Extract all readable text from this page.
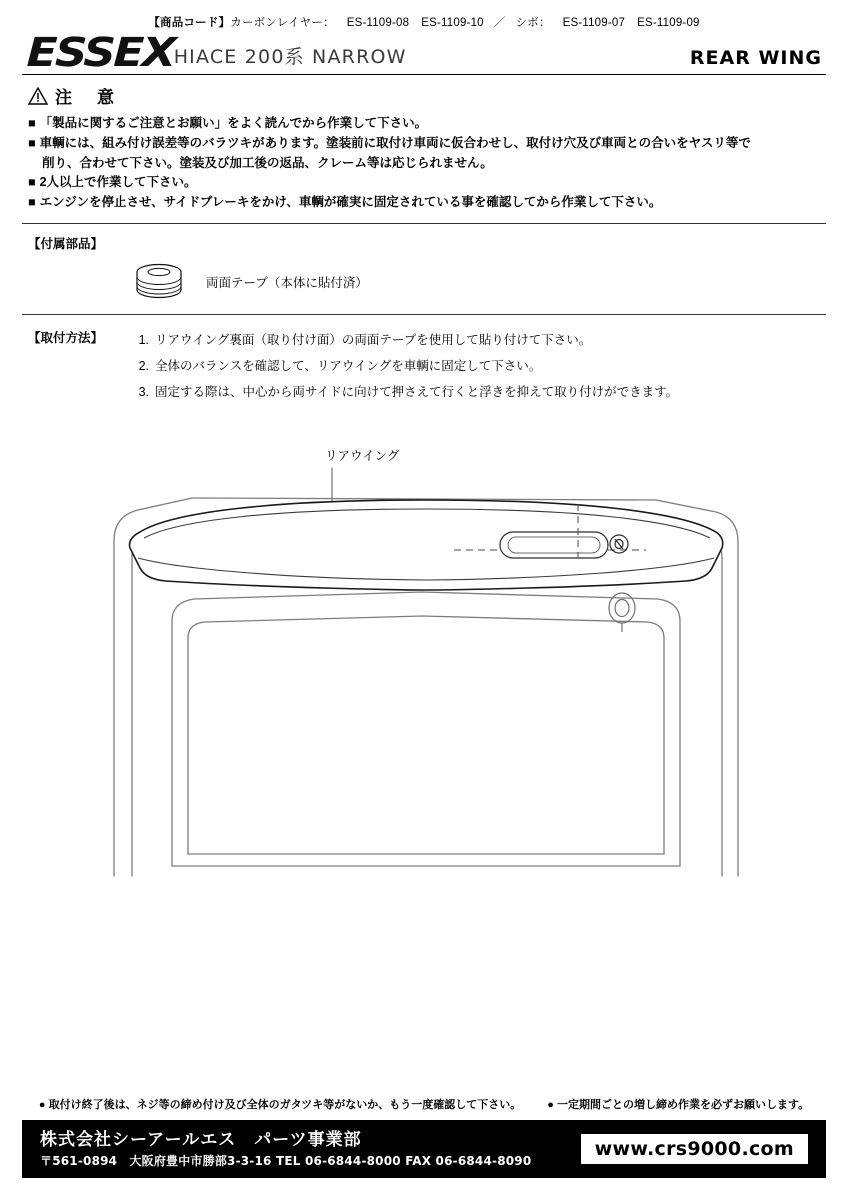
【商品コード】カーボンレイヤー： ES-1109-08 ES-1109-10 ／ シボ： ES-1109-07 ES-1109-09
ESSEX
HIACE 200系 NARROW	REAR WING
注　意
■ 「製品に関するご注意とお願い」をよく読んでから作業して下さい。
■ 車輌には、組み付け誤差等のバラツキがあります。塗装前に取付け車両に仮合わせし、取付け穴及び車両との合いをヤスリ等で
削り、合わせて下さい。塗装及び加工後の返品、クレーム等は応じられません。
■ 2人以上で作業して下さい。
■ エンジンを停止させ、サイドブレーキをかけ、車輌が確実に固定されている事を確認してから作業して下さい。
【付属部品】
両面テープ（本体に貼付済）
【取付方法】	リアウイング裏面（取り付け面）の両面テープを使用して貼り付けて下さい。
全体のバランスを確認して、リアウイングを車輌に固定して下さい。
固定する際は、中心から両サイドに向けて押さえて行くと浮きを抑えて取り付けができます。
リアウイング
● 取付け終了後は、ネジ等の締め付け及び全体のガタツキ等がないか、もう一度確認して下さい。 ● 一定期間ごとの増し締め作業を必ずお願いします。
株式会社シーアールエス　パーツ事業部
〒561-0894　大阪府豊中市勝部3-3-16 TEL 06-6844-8000 FAX 06-6844-8090
www.crs9000.com
